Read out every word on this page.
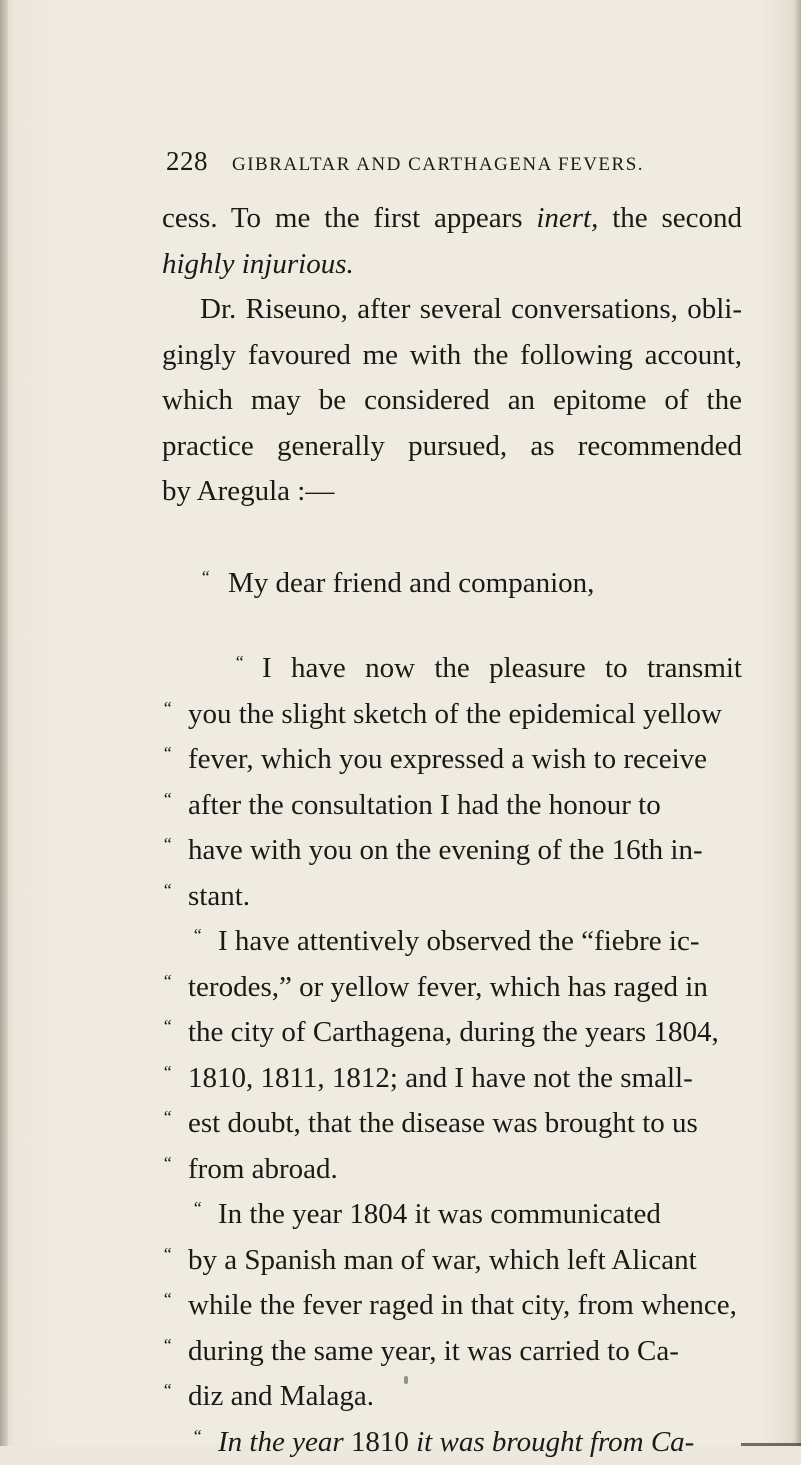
228 GIBRALTAR AND CARTHAGENA FEVERS.
cess. To me the first appears inert, the second
highly injurious.
Dr. Riseuno, after several conversations, obli-
gingly favoured me with the following account,
which may be considered an epitome of the
practice generally pursued, as recommended
by Aregula :—
“ My dear friend and companion,
“ I have now the pleasure to transmit
“ you the slight sketch of the epidemical yellow
“ fever, which you expressed a wish to receive
“ after the consultation I had the honour to
“ have with you on the evening of the 16th in-
“ stant.
“ I have attentively observed the “fiebre ic-
“ terodes,” or yellow fever, which has raged in
“ the city of Carthagena, during the years 1804,
“ 1810, 1811, 1812; and I have not the small-
“ est doubt, that the disease was brought to us
“ from abroad.
“ In the year 1804 it was communicated
“ by a Spanish man of war, which left Alicant
“ while the fever raged in that city, from whence,
“ during the same year, it was carried to Ca-
“ diz and Malaga.
“ In the year 1810 it was brought from Ca-
